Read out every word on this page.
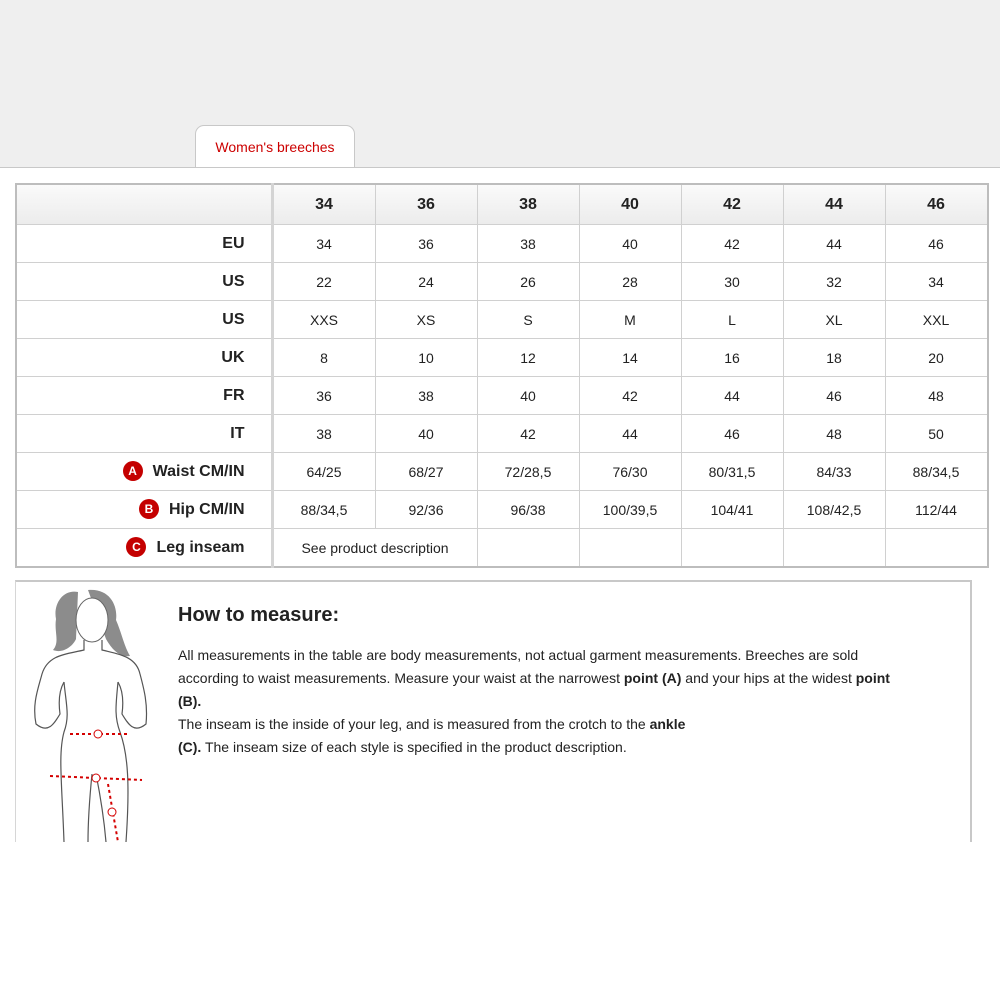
Women's breeches
	34	36	38	40	42	44	46
EU	34	36	38	40	42	44	46
US	22	24	26	28	30	32	34
US	XXS	XS	S	M	L	XL	XXL
UK	8	10	12	14	16	18	20
FR	36	38	40	42	44	46	48
IT	38	40	42	44	46	48	50
A Waist CM/IN	64/25	68/27	72/28,5	76/30	80/31,5	84/33	88/34,5
B Hip CM/IN	88/34,5	92/36	96/38	100/39,5	104/41	108/42,5	112/44
C Leg inseam	See product description						
How to measure:
All measurements in the table are body measurements, not actual garment measurements. Breeches are sold according to waist measurements. Measure your waist at the narrowest point (A) and your hips at the widest point (B).
The inseam is the inside of your leg, and is measured from the crotch to the ankle
(C). The inseam size of each style is specified in the product description.
